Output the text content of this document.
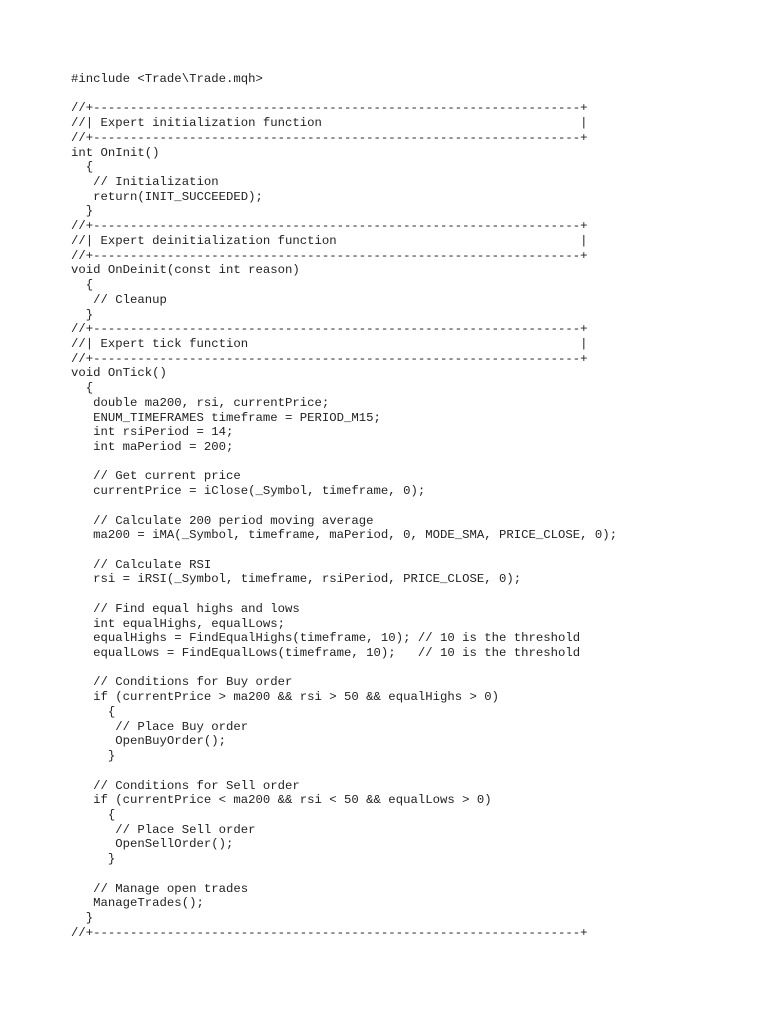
#include <Trade\Trade.mqh>
//+------------------------------------------------------------------+
//| Expert initialization function                                   |
//+------------------------------------------------------------------+
int OnInit()
{
// Initialization
return(INIT_SUCCEEDED);
}
//+------------------------------------------------------------------+
//| Expert deinitialization function                                 |
//+------------------------------------------------------------------+
void OnDeinit(const int reason)
{
// Cleanup
}
//+------------------------------------------------------------------+
//| Expert tick function                                             |
//+------------------------------------------------------------------+
void OnTick()
{
double ma200, rsi, currentPrice;
ENUM_TIMEFRAMES timeframe = PERIOD_M15;
int rsiPeriod = 14;
int maPeriod = 200;
// Get current price
currentPrice = iClose(_Symbol, timeframe, 0);
// Calculate 200 period moving average
ma200 = iMA(_Symbol, timeframe, maPeriod, 0, MODE_SMA, PRICE_CLOSE, 0);
// Calculate RSI
rsi = iRSI(_Symbol, timeframe, rsiPeriod, PRICE_CLOSE, 0);
// Find equal highs and lows
int equalHighs, equalLows;
equalHighs = FindEqualHighs(timeframe, 10); // 10 is the threshold
equalLows = FindEqualLows(timeframe, 10);   // 10 is the threshold
// Conditions for Buy order
if (currentPrice > ma200 && rsi > 50 && equalHighs > 0)
{
// Place Buy order
OpenBuyOrder();
}
// Conditions for Sell order
if (currentPrice < ma200 && rsi < 50 && equalLows > 0)
{
// Place Sell order
OpenSellOrder();
}
// Manage open trades
ManageTrades();
}
//+------------------------------------------------------------------+
